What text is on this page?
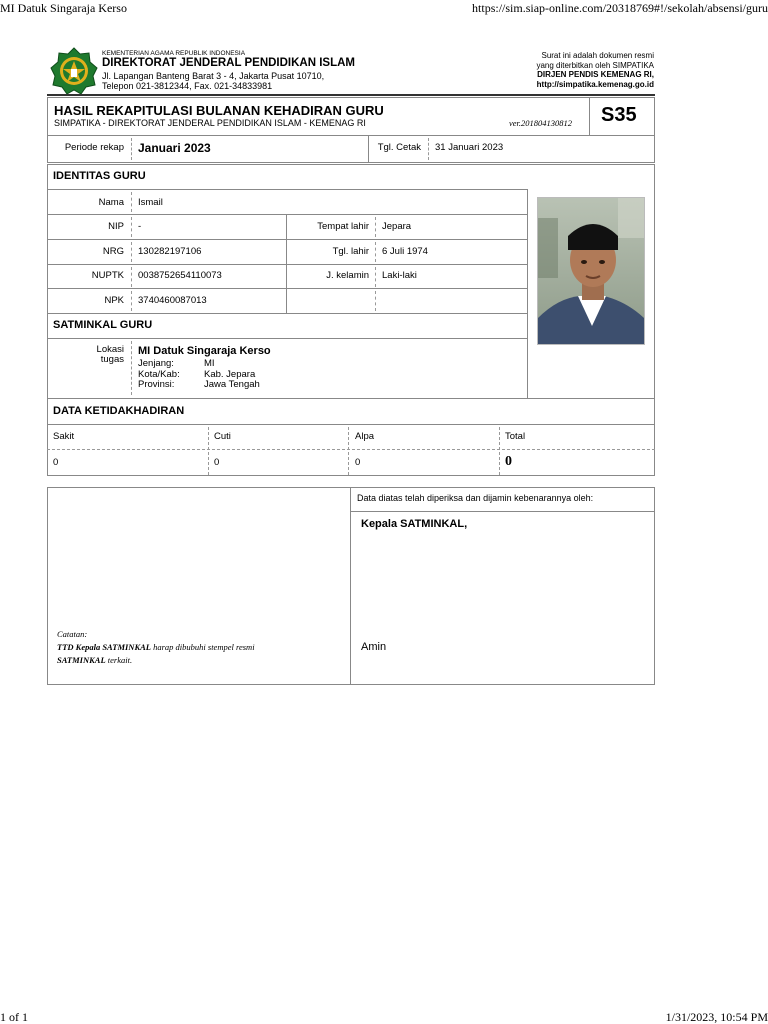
MI Datuk Singaraja Kerso	https://sim.siap-online.com/20318769#!/sekolah/absensi/guru
KEMENTERIAN AGAMA REPUBLIK INDONESIA
DIREKTORAT JENDERAL PENDIDIKAN ISLAM
Jl. Lapangan Banteng Barat 3 - 4, Jakarta Pusat 10710,
Telepon 021-3812344, Fax. 021-34833981
Surat ini adalah dokumen resmi
yang diterbitkan oleh SIMPATIKA
DIRJEN PENDIS KEMENAG RI,
http://simpatika.kemenag.go.id
HASIL REKAPITULASI BULANAN KEHADIRAN GURU
SIMPATIKA - DIREKTORAT JENDERAL PENDIDIKAN ISLAM - KEMENAG RI	ver.201804130812 S35
Periode rekap Januari 2023	Tgl. Cetak 31 Januari 2023
IDENTITAS GURU
Nama Ismail
NIP -	Tempat lahir Jepara
NRG 130282197106	Tgl. lahir 6 Juli 1974
NUPTK 0038752654110073	J. kelamin Laki-laki
NPK 3740460087013
SATMINKAL GURU
Lokasi
tugas
MI Datuk Singaraja Kerso
Jenjang:	MI
Kota/Kab:	Kab. Jepara
Provinsi:	Jawa Tengah
DATA KETIDAKHADIRAN
Sakit	Cuti	Alpa	Total
0	0	0	0
Data diatas telah diperiksa dan dijamin kebenarannya oleh:
Kepala SATMINKAL,
Amin
Catatan:
TTD Kepala SATMINKAL harap dibubuhi stempel resmi
SATMINKAL terkait.
1 of 1	1/31/2023, 10:54 PM
